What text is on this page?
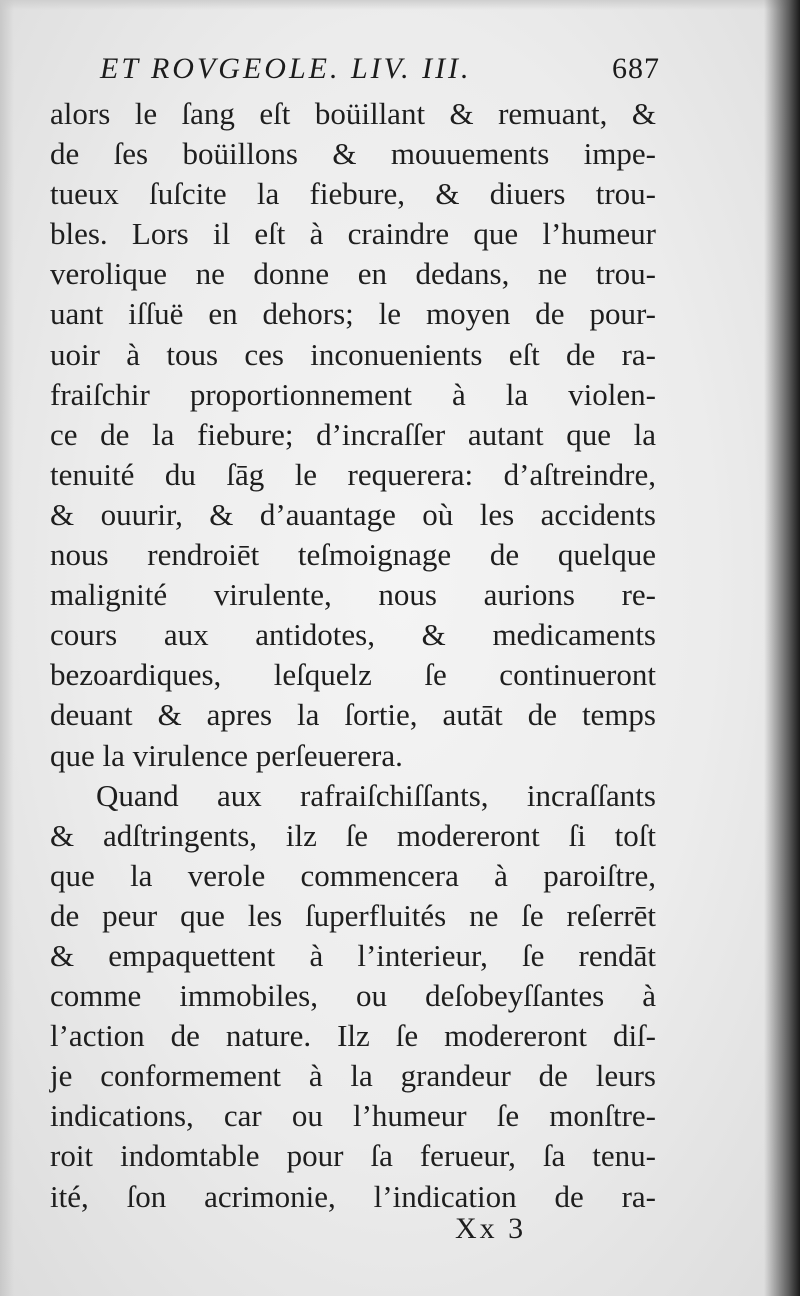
ET ROVGEOLE. LIV. III.	687
alors le ſang eſt boüillant & remuant, &
de ſes boüillons & mouuements impe-
tueux ſuſcite la fiebure, & diuers trou-
bles. Lors il eſt à craindre que l’humeur
verolique ne donne en dedans, ne trou-
uant iſſuë en dehors; le moyen de pour-
uoir à tous ces inconuenients eſt de ra-
fraiſchir proportionnement à la violen-
ce de la fiebure; d’incraſſer autant que la
tenuité du ſāg le requerera: d’aſtreindre,
& ouurir, & d’auantage où les accidents
nous rendroiēt teſmoignage de quelque
malignité virulente, nous aurions re-
cours aux antidotes, & medicaments
bezoardiques, leſquelz ſe continueront
deuant & apres la ſortie, autāt de temps
que la virulence perſeuerera.
Quand aux rafraiſchiſſants, incraſſants
& adſtringents, ilz ſe modereront ſi toſt
que la verole commencera à paroiſtre,
de peur que les ſuperfluités ne ſe reſerrēt
& empaquettent à l’interieur, ſe rendāt
comme immobiles, ou deſobeyſſantes à
l’action de nature. Ilz ſe modereront diſ-
je conformement à la grandeur de leurs
indications, car ou l’humeur ſe monſtre-
roit indomtable pour ſa ferueur, ſa tenu-
ité, ſon acrimonie, l’indication de ra-
Xx 3
